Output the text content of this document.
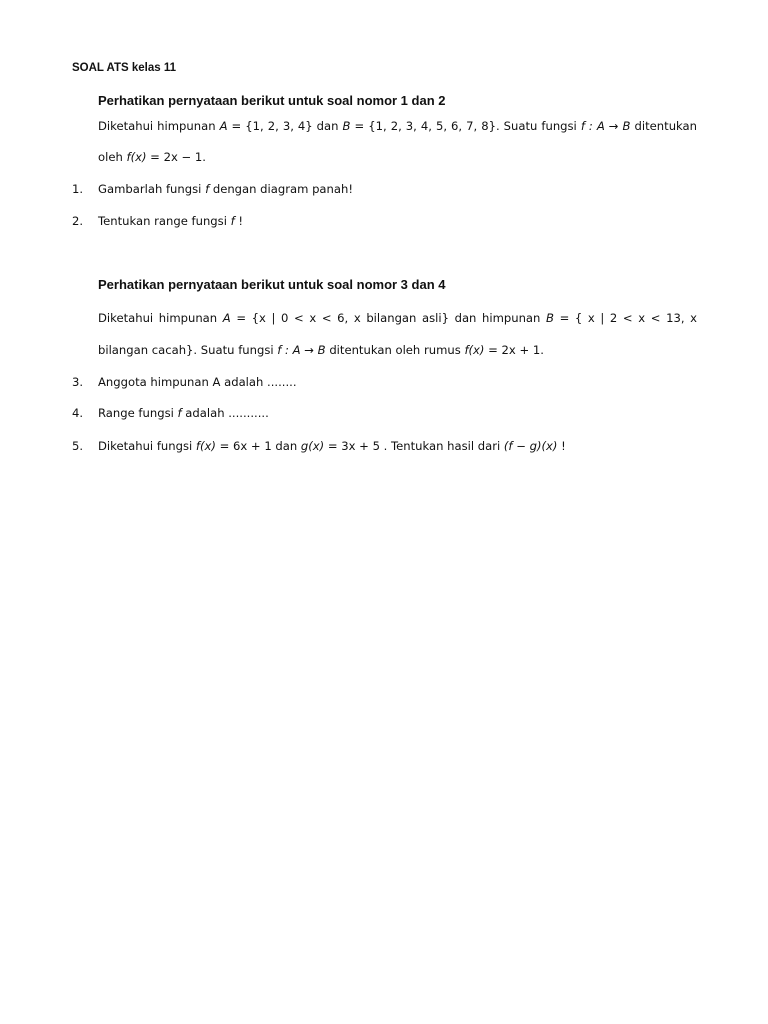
SOAL ATS kelas 11
Perhatikan pernyataan berikut untuk soal nomor 1 dan 2
Diketahui himpunan A = {1, 2, 3, 4} dan B = {1, 2, 3, 4, 5, 6, 7, 8}. Suatu fungsi f : A → B ditentukan
oleh f(x) = 2x − 1.
1. Gambarlah fungsi f dengan diagram panah!
2. Tentukan range fungsi f !
Perhatikan pernyataan berikut untuk soal nomor 3 dan 4
Diketahui himpunan A = {x | 0 < x < 6, x bilangan asli} dan himpunan B = { x | 2 < x < 13, x
bilangan cacah}. Suatu fungsi f : A → B ditentukan oleh rumus f(x) = 2x + 1.
3. Anggota himpunan A adalah ........
4. Range fungsi f adalah ...........
5. Diketahui fungsi f(x) = 6x + 1 dan g(x) = 3x + 5 . Tentukan hasil dari (f − g)(x) !
